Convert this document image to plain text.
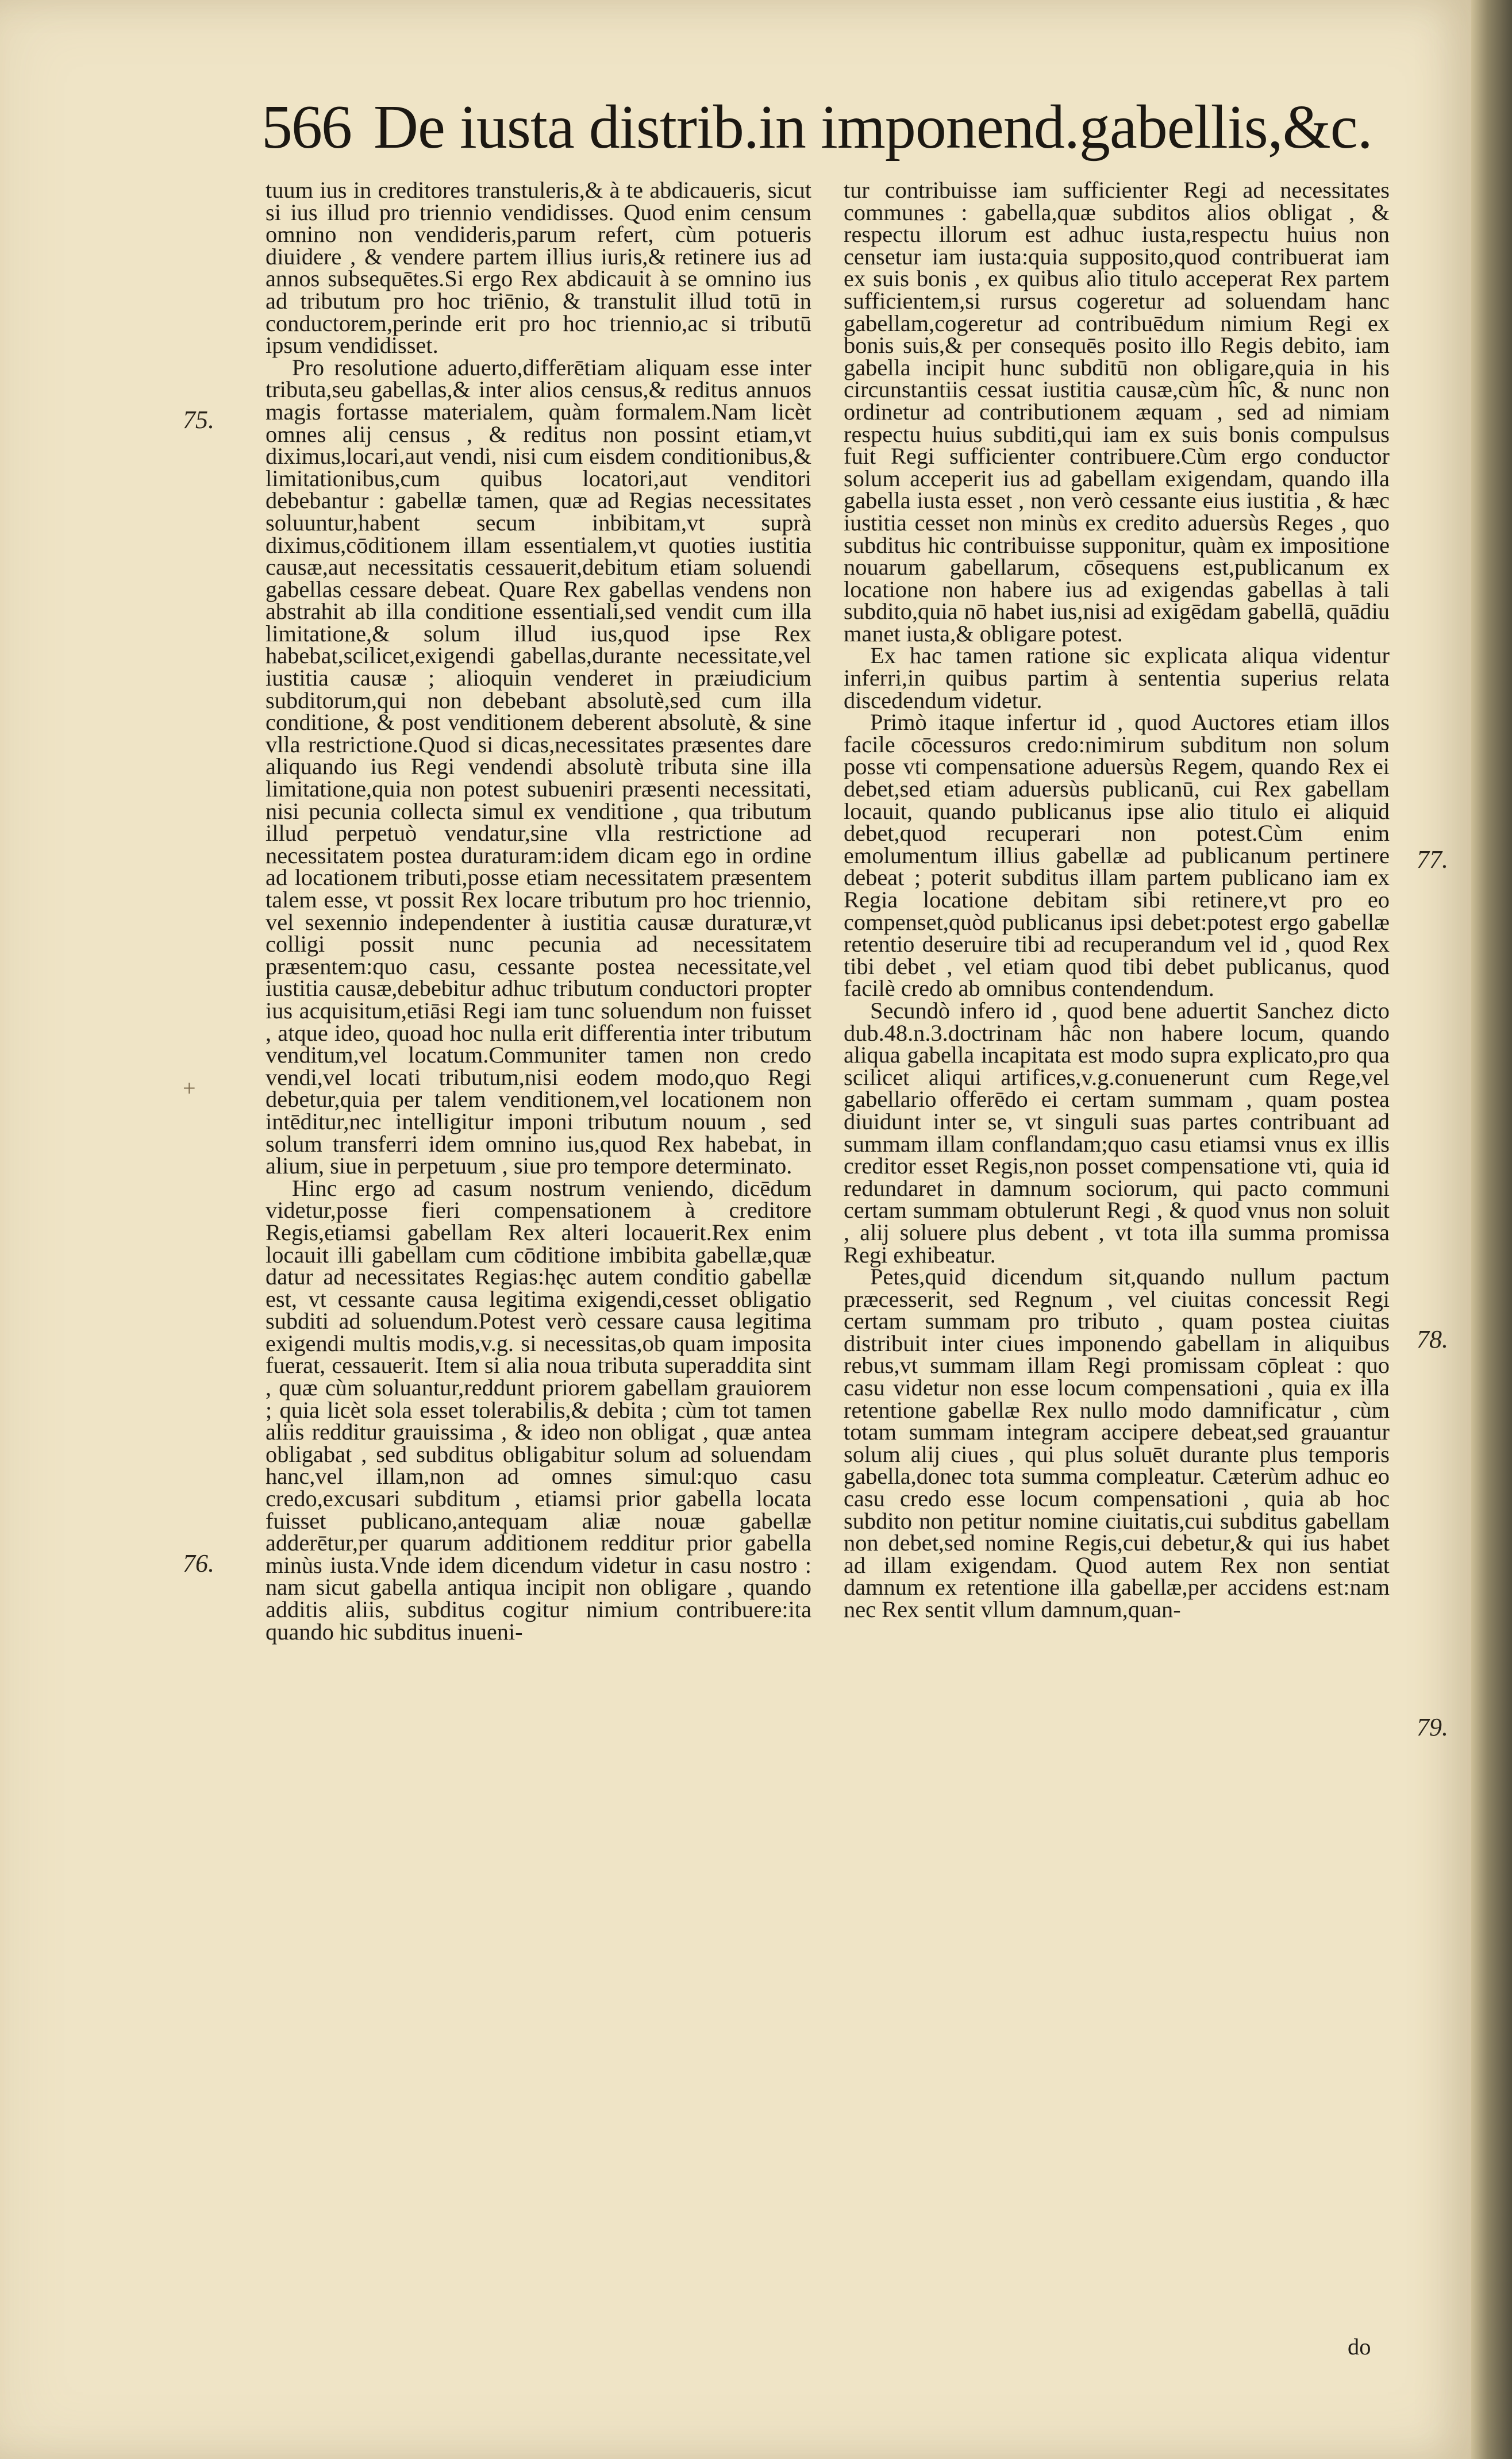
566 De iusta distrib.in imponend.gabellis,&c.
75.
76.
77.
78.
79.
+

tuum ius in creditores transtuleris,& à te abdicaueris, sicut si ius illud pro triennio vendidisses. Quod enim censum omnino non vendideris,parum refert, cùm potueris diuidere , & vendere partem illius iuris,& retinere ius ad annos subsequētes.Si ergo Rex abdicauit à se omnino ius ad tributum pro hoc triēnio, & transtulit illud totū in conductorem,perinde erit pro hoc triennio,ac si tributū ipsum vendidisset.

Pro resolutione aduerto,differētiam aliquam esse inter tributa,seu gabellas,& inter alios census,& reditus annuos magis fortasse materialem, quàm formalem.Nam licèt omnes alij census , & reditus non possint etiam,vt diximus,locari,aut vendi, nisi cum eisdem conditionibus,& limitationibus,cum quibus locatori,aut venditori debebantur : gabellæ tamen, quæ ad Regias necessitates soluuntur,habent secum inbibitam,vt suprà diximus,cōditionem illam essentialem,vt quoties iustitia causæ,aut necessitatis cessauerit,debitum etiam soluendi gabellas cessare debeat. Quare Rex gabellas vendens non abstrahit ab illa conditione essentiali,sed vendit cum illa limitatione,& solum illud ius,quod ipse Rex habebat,scilicet,exigendi gabellas,durante necessitate,vel iustitia causæ ; alioquin venderet in præiudicium subditorum,qui non debebant absolutè,sed cum illa conditione, & post venditionem deberent absolutè, & sine vlla restrictione.Quod si dicas,necessitates præsentes dare aliquando ius Regi vendendi absolutè tributa sine illa limitatione,quia non potest subueniri præsenti necessitati, nisi pecunia collecta simul ex venditione , qua tributum illud perpetuò vendatur,sine vlla restrictione ad necessitatem postea duraturam:idem dicam ego in ordine ad locationem tributi,posse etiam necessitatem præsentem talem esse, vt possit Rex locare tributum pro hoc triennio, vel sexennio independenter à iustitia causæ duraturæ,vt colligi possit nunc pecunia ad necessitatem præsentem:quo casu, cessante postea necessitate,vel iustitia causæ,debebitur adhuc tributum conductori propter ius acquisitum,etiāsi Regi iam tunc soluendum non fuisset , atque ideo, quoad hoc nulla erit differentia inter tributum venditum,vel locatum.Communiter tamen non credo vendi,vel locati tributum,nisi eodem modo,quo Regi debetur,quia per talem venditionem,vel locationem non intēditur,nec intelligitur imponi tributum nouum , sed solum transferri idem omnino ius,quod Rex habebat, in alium, siue in perpetuum , siue pro tempore determinato.

Hinc ergo ad casum nostrum veniendo, dicēdum videtur,posse fieri compensationem à creditore Regis,etiamsi gabellam Rex alteri locauerit.Rex enim locauit illi gabellam cum cōditione imbibita gabellæ,quæ datur ad necessitates Regias:hęc autem conditio gabellæ est, vt cessante causa legitima exigendi,cesset obligatio subditi ad soluendum.Potest verò cessare causa legitima exigendi multis modis,v.g. si necessitas,ob quam imposita fuerat, cessauerit. Item si alia noua tributa superaddita sint , quæ cùm soluantur,reddunt priorem gabellam grauiorem ; quia licèt sola esset tolerabilis,& debita ; cùm tot tamen aliis redditur grauissima , & ideo non obligat , quæ antea obligabat , sed subditus obligabitur solum ad soluendam hanc,vel illam,non ad omnes simul:quo casu credo,excusari subditum , etiamsi prior gabella locata fuisset publicano,antequam aliæ nouæ gabellæ adderētur,per quarum additionem redditur prior gabella minùs iusta.Vnde idem dicendum videtur in casu nostro : nam sicut gabella antiqua incipit non obligare , quando additis aliis, subditus cogitur nimium contribuere:ita quando hic subditus inueni-

tur contribuisse iam sufficienter Regi ad necessitates communes : gabella,quæ subditos alios obligat , & respectu illorum est adhuc iusta,respectu huius non censetur iam iusta:quia supposito,quod contribuerat iam ex suis bonis , ex quibus alio titulo acceperat Rex partem sufficientem,si rursus cogeretur ad soluendam hanc gabellam,cogeretur ad contribuēdum nimium Regi ex bonis suis,& per consequēs posito illo Regis debito, iam gabella incipit hunc subditū non obligare,quia in his circunstantiis cessat iustitia causæ,cùm hîc, & nunc non ordinetur ad contributionem æquam , sed ad nimiam respectu huius subditi,qui iam ex suis bonis compulsus fuit Regi sufficienter contribuere.Cùm ergo conductor solum acceperit ius ad gabellam exigendam, quando illa gabella iusta esset , non verò cessante eius iustitia , & hæc iustitia cesset non minùs ex credito aduersùs Reges , quo subditus hic contribuisse supponitur, quàm ex impositione nouarum gabellarum, cōsequens est,publicanum ex locatione non habere ius ad exigendas gabellas à tali subdito,quia nō habet ius,nisi ad exigēdam gabellā, quādiu manet iusta,& obligare potest.

Ex hac tamen ratione sic explicata aliqua videntur inferri,in quibus partim à sententia superius relata discedendum videtur.

Primò itaque infertur id , quod Auctores etiam illos facile cōcessuros credo:nimirum subditum non solum posse vti compensatione aduersùs Regem, quando Rex ei debet,sed etiam aduersùs publicanū, cui Rex gabellam locauit, quando publicanus ipse alio titulo ei aliquid debet,quod recuperari non potest.Cùm enim emolumentum illius gabellæ ad publicanum pertinere debeat ; poterit subditus illam partem publicano iam ex Regia locatione debitam sibi retinere,vt pro eo compenset,quòd publicanus ipsi debet:potest ergo gabellæ retentio deseruire tibi ad recuperandum vel id , quod Rex tibi debet , vel etiam quod tibi debet publicanus, quod facilè credo ab omnibus contendendum.

Secundò infero id , quod bene aduertit Sanchez dicto dub.48.n.3.doctrinam hâc non habere locum, quando aliqua gabella incapitata est modo supra explicato,pro qua scilicet aliqui artifices,v.g.conuenerunt cum Rege,vel gabellario offerēdo ei certam summam , quam postea diuidunt inter se, vt singuli suas partes contribuant ad summam illam conflandam;quo casu etiamsi vnus ex illis creditor esset Regis,non posset compensatione vti, quia id redundaret in damnum sociorum, qui pacto communi certam summam obtulerunt Regi , & quod vnus non soluit , alij soluere plus debent , vt tota illa summa promissa Regi exhibeatur.

Petes,quid dicendum sit,quando nullum pactum præcesserit, sed Regnum , vel ciuitas concessit Regi certam summam pro tributo , quam postea ciuitas distribuit inter ciues imponendo gabellam in aliquibus rebus,vt summam illam Regi promissam cōpleat : quo casu videtur non esse locum compensationi , quia ex illa retentione gabellæ Rex nullo modo damnificatur , cùm totam summam integram accipere debeat,sed grauantur solum alij ciues , qui plus soluēt durante plus temporis gabella,donec tota summa compleatur. Cæterùm adhuc eo casu credo esse locum compensationi , quia ab hoc subdito non petitur nomine ciuitatis,cui subditus gabellam non debet,sed nomine Regis,cui debetur,& qui ius habet ad illam exigendam. Quod autem Rex non sentiat damnum ex retentione illa gabellæ,per accidens est:nam nec Rex sentit vllum damnum,quan-

do
